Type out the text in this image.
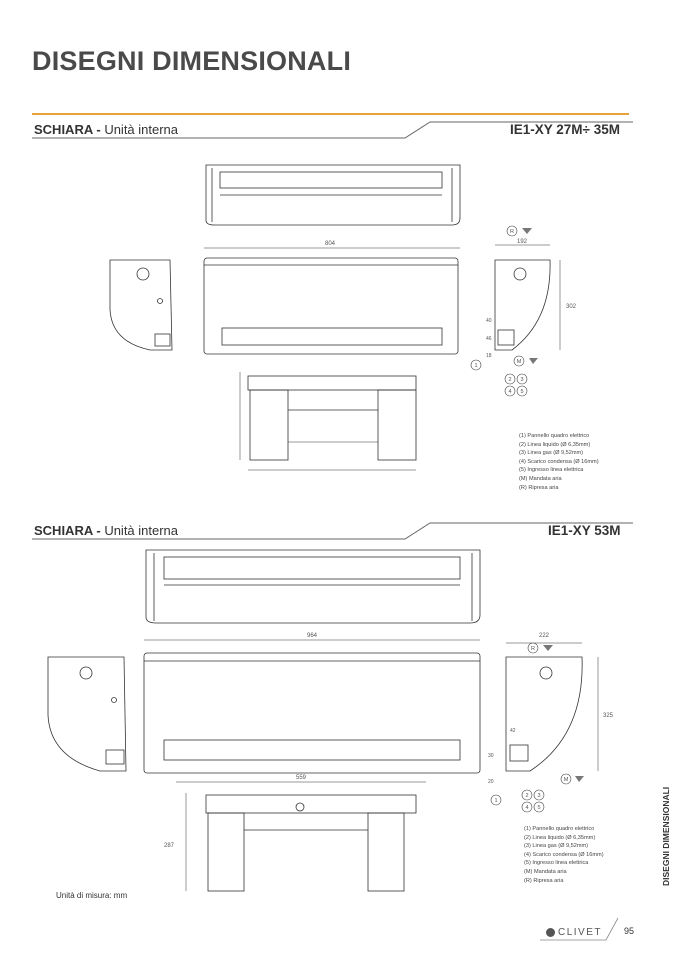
DISEGNI DIMENSIONALI
SCHIARA - Unità interna	IE1-XY 27M÷ 35M
804	192
302
40
46
18
R
1
M
2 3
4 5
(1) Pannello quadro elettrico
(2) Linea liquido (Ø 6,35mm)
(3) Linea gas (Ø 9,52mm)
(4) Scarico condensa (Ø 16mm)
(5) Ingresso linea elettrica
(M) Mandata aria
(R) Ripresa aria
SCHIARA - Unità interna	IE1-XY 53M
964	222
325
42
30
20
559
287
R
1
M
2 3
4 5
(1) Pannello quadro elettrico
(2) Linea liquido (Ø 6,35mm)
(3) Linea gas (Ø 9,52mm)
(4) Scarico condensa (Ø 16mm)
(5) Ingresso linea elettrica
(M) Mandata aria
(R) Ripresa aria
Unità di misura: mm
DISEGNI DIMENSIONALI
CLIVET 95
